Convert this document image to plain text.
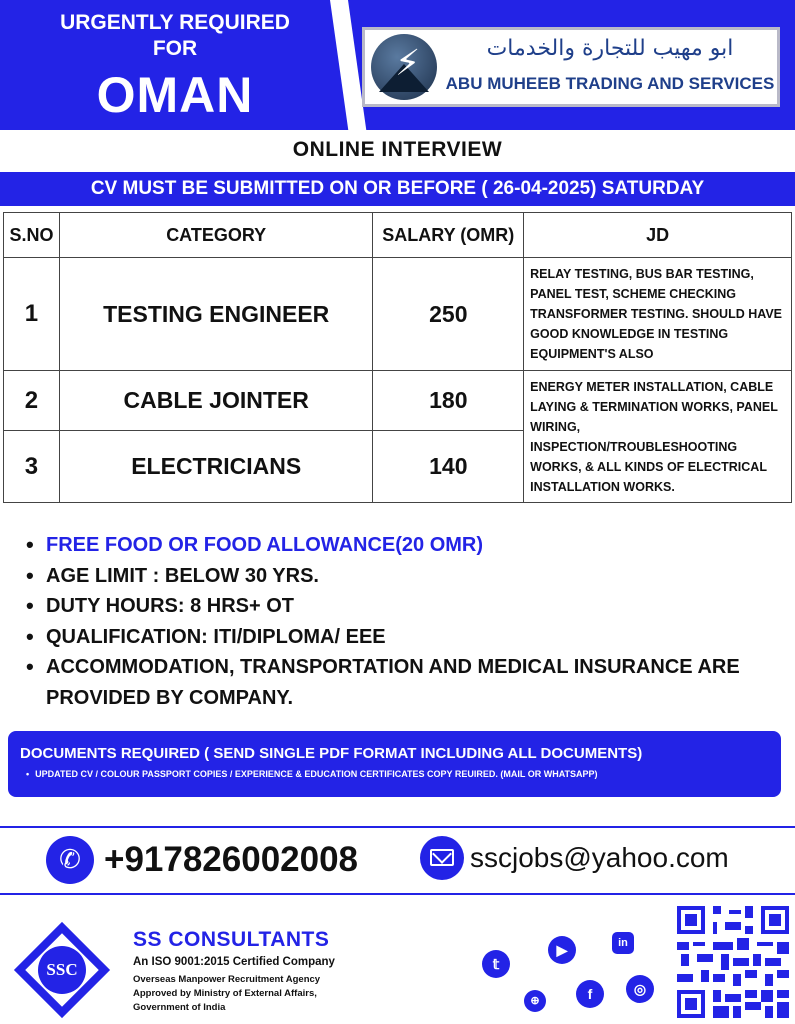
URGENTLY REQUIRED
FOR
OMAN
⚡	ابو مهيب للتجارة والخدمات
ABU MUHEEB TRADING AND SERVICES
ONLINE INTERVIEW
CV MUST BE SUBMITTED ON OR BEFORE ( 26-04-2025) SATURDAY
S.NO	CATEGORY	SALARY (OMR)	JD
1	TESTING ENGINEER	250	RELAY TESTING, BUS BAR TESTING, PANEL TEST, SCHEME CHECKING TRANSFORMER TESTING. SHOULD HAVE GOOD KNOWLEDGE IN TESTING EQUIPMENT'S ALSO
2	CABLE JOINTER	180	ENERGY METER INSTALLATION, CABLE LAYING & TERMINATION WORKS, PANEL WIRING, INSPECTION/TROUBLESHOOTING WORKS, & ALL KINDS OF ELECTRICAL INSTALLATION WORKS.
3	ELECTRICIANS	140	
• FREE FOOD OR FOOD ALLOWANCE(20 OMR)
• AGE LIMIT : BELOW 30 YRS.
• DUTY HOURS: 8 HRS+ OT
• QUALIFICATION: ITI/DIPLOMA/ EEE
• ACCOMMODATION, TRANSPORTATION AND MEDICAL INSURANCE ARE PROVIDED BY COMPANY.
DOCUMENTS REQUIRED ( SEND SINGLE PDF FORMAT INCLUDING ALL DOCUMENTS)
• UPDATED CV / COLOUR PASSPORT COPIES / EXPERIENCE & EDUCATION CERTIFICATES COPY REUIRED. (MAIL OR WHATSAPP)
✆ +917826002008	sscjobs@yahoo.com
SSC
SS CONSULTANTS
An ISO 9001:2015 Certified Company
Overseas Manpower Recruitment Agency
Approved by Ministry of External Affairs,
Government of India
𝕥
▶	in
⊕	f	◎
